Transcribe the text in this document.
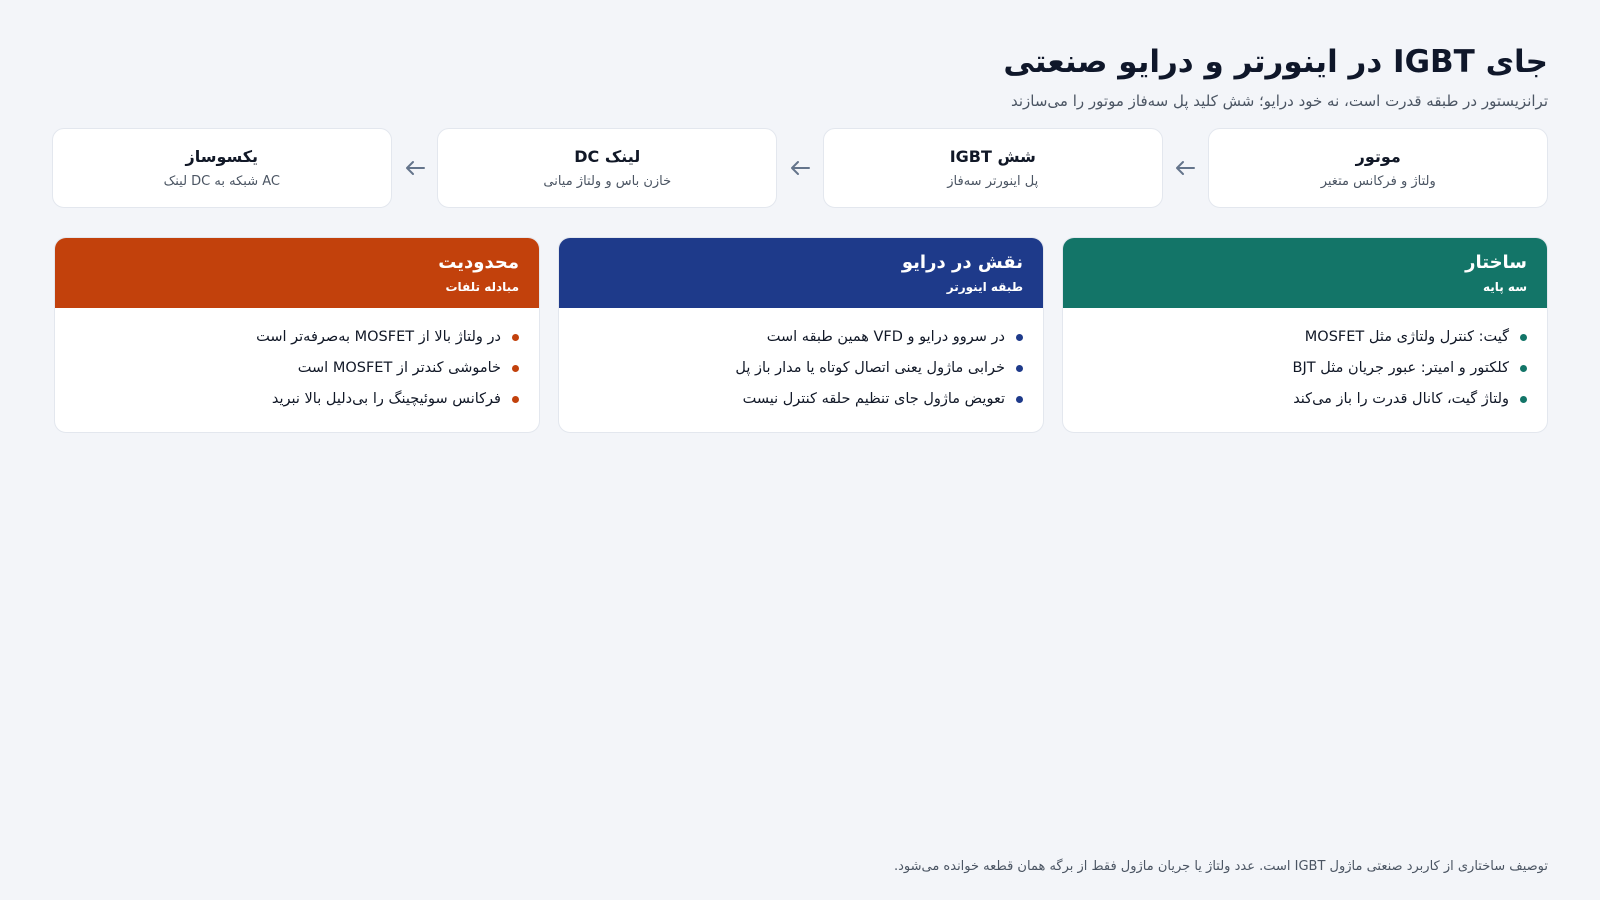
جای IGBT در اینورتر و درایو صنعتی

ترانزیستور در طبقه قدرت است، نه خود درایو؛ شش کلید پل سه‌فاز موتور را می‌سازند

موتور
ولتاژ و فرکانس متغیر
شش IGBT
پل اینورتر سه‌فاز
لینک DC
خازن باس و ولتاژ میانی
یکسوساز
AC شبکه به DC لینک
ساختار
سه پایه
گیت: کنترل ولتاژی مثل MOSFET
کلکتور و امیتر: عبور جریان مثل BJT
ولتاژ گیت، کانال قدرت را باز می‌کند
نقش در درایو
طبقه اینورتر
در سروو درایو و VFD همین طبقه است
خرابی ماژول یعنی اتصال کوتاه یا مدار باز پل
تعویض ماژول جای تنظیم حلقه کنترل نیست
محدودیت
مبادله تلفات
در ولتاژ بالا از MOSFET به‌صرفه‌تر است
خاموشی کندتر از MOSFET است
فرکانس سوئیچینگ را بی‌دلیل بالا نبرید

توصیف ساختاری از کاربرد صنعتی ماژول IGBT است. عدد ولتاژ یا جریان ماژول فقط از برگه همان قطعه خوانده می‌شود.
